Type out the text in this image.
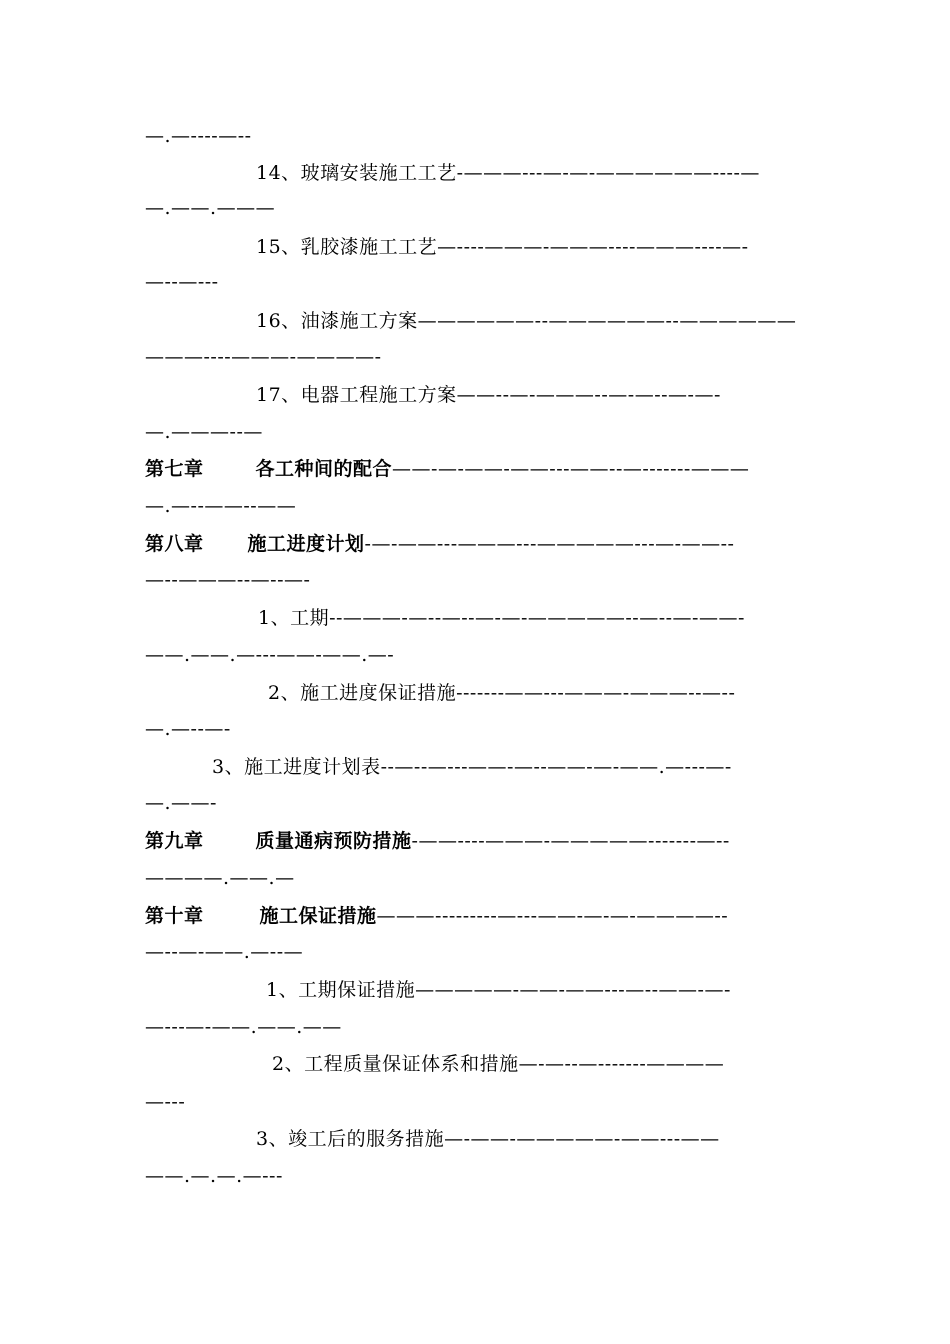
—.—----—--
14、玻璃安装施工工艺-———---—-—-——————----—
—.——.———
15、乳胶漆施工工艺—----———-———----———----—-
—--—---
16、油漆施工方案——————--——————--——————
———----———-————-
17、电器工程施工方案——--—-———--—-—--—-—-
—.———--—
第七章	各工种间的配合——-—-——-——---——--—-------———
—.—--——--——
第八章 施工进度计划-—-——---———---—————---—-——--
—--———--—--—-
1、工期--———-—--—--—-—-—————--—--—-——-
——.——.—---——-——.—-
2、施工进度保证措施-------——---———-———--—--
—.—--—-
3、施工进度计划表--—--—---——-—--——-—-——.—---—-
—.——-
第九章	质量通病预防措施-——----———-—————-------—--
————.——.—
第十章	施工保证措施———---------—---——-—-—-————--
—--—-——.—--—
1、工期保证措施—————-——-——---—--——-—-
—---—-——.——.——
2、工程质量保证体系和措施—-—--—-------————
—---
3、竣工后的服务措施—-——-—————-——---——
——.—.—.—---
